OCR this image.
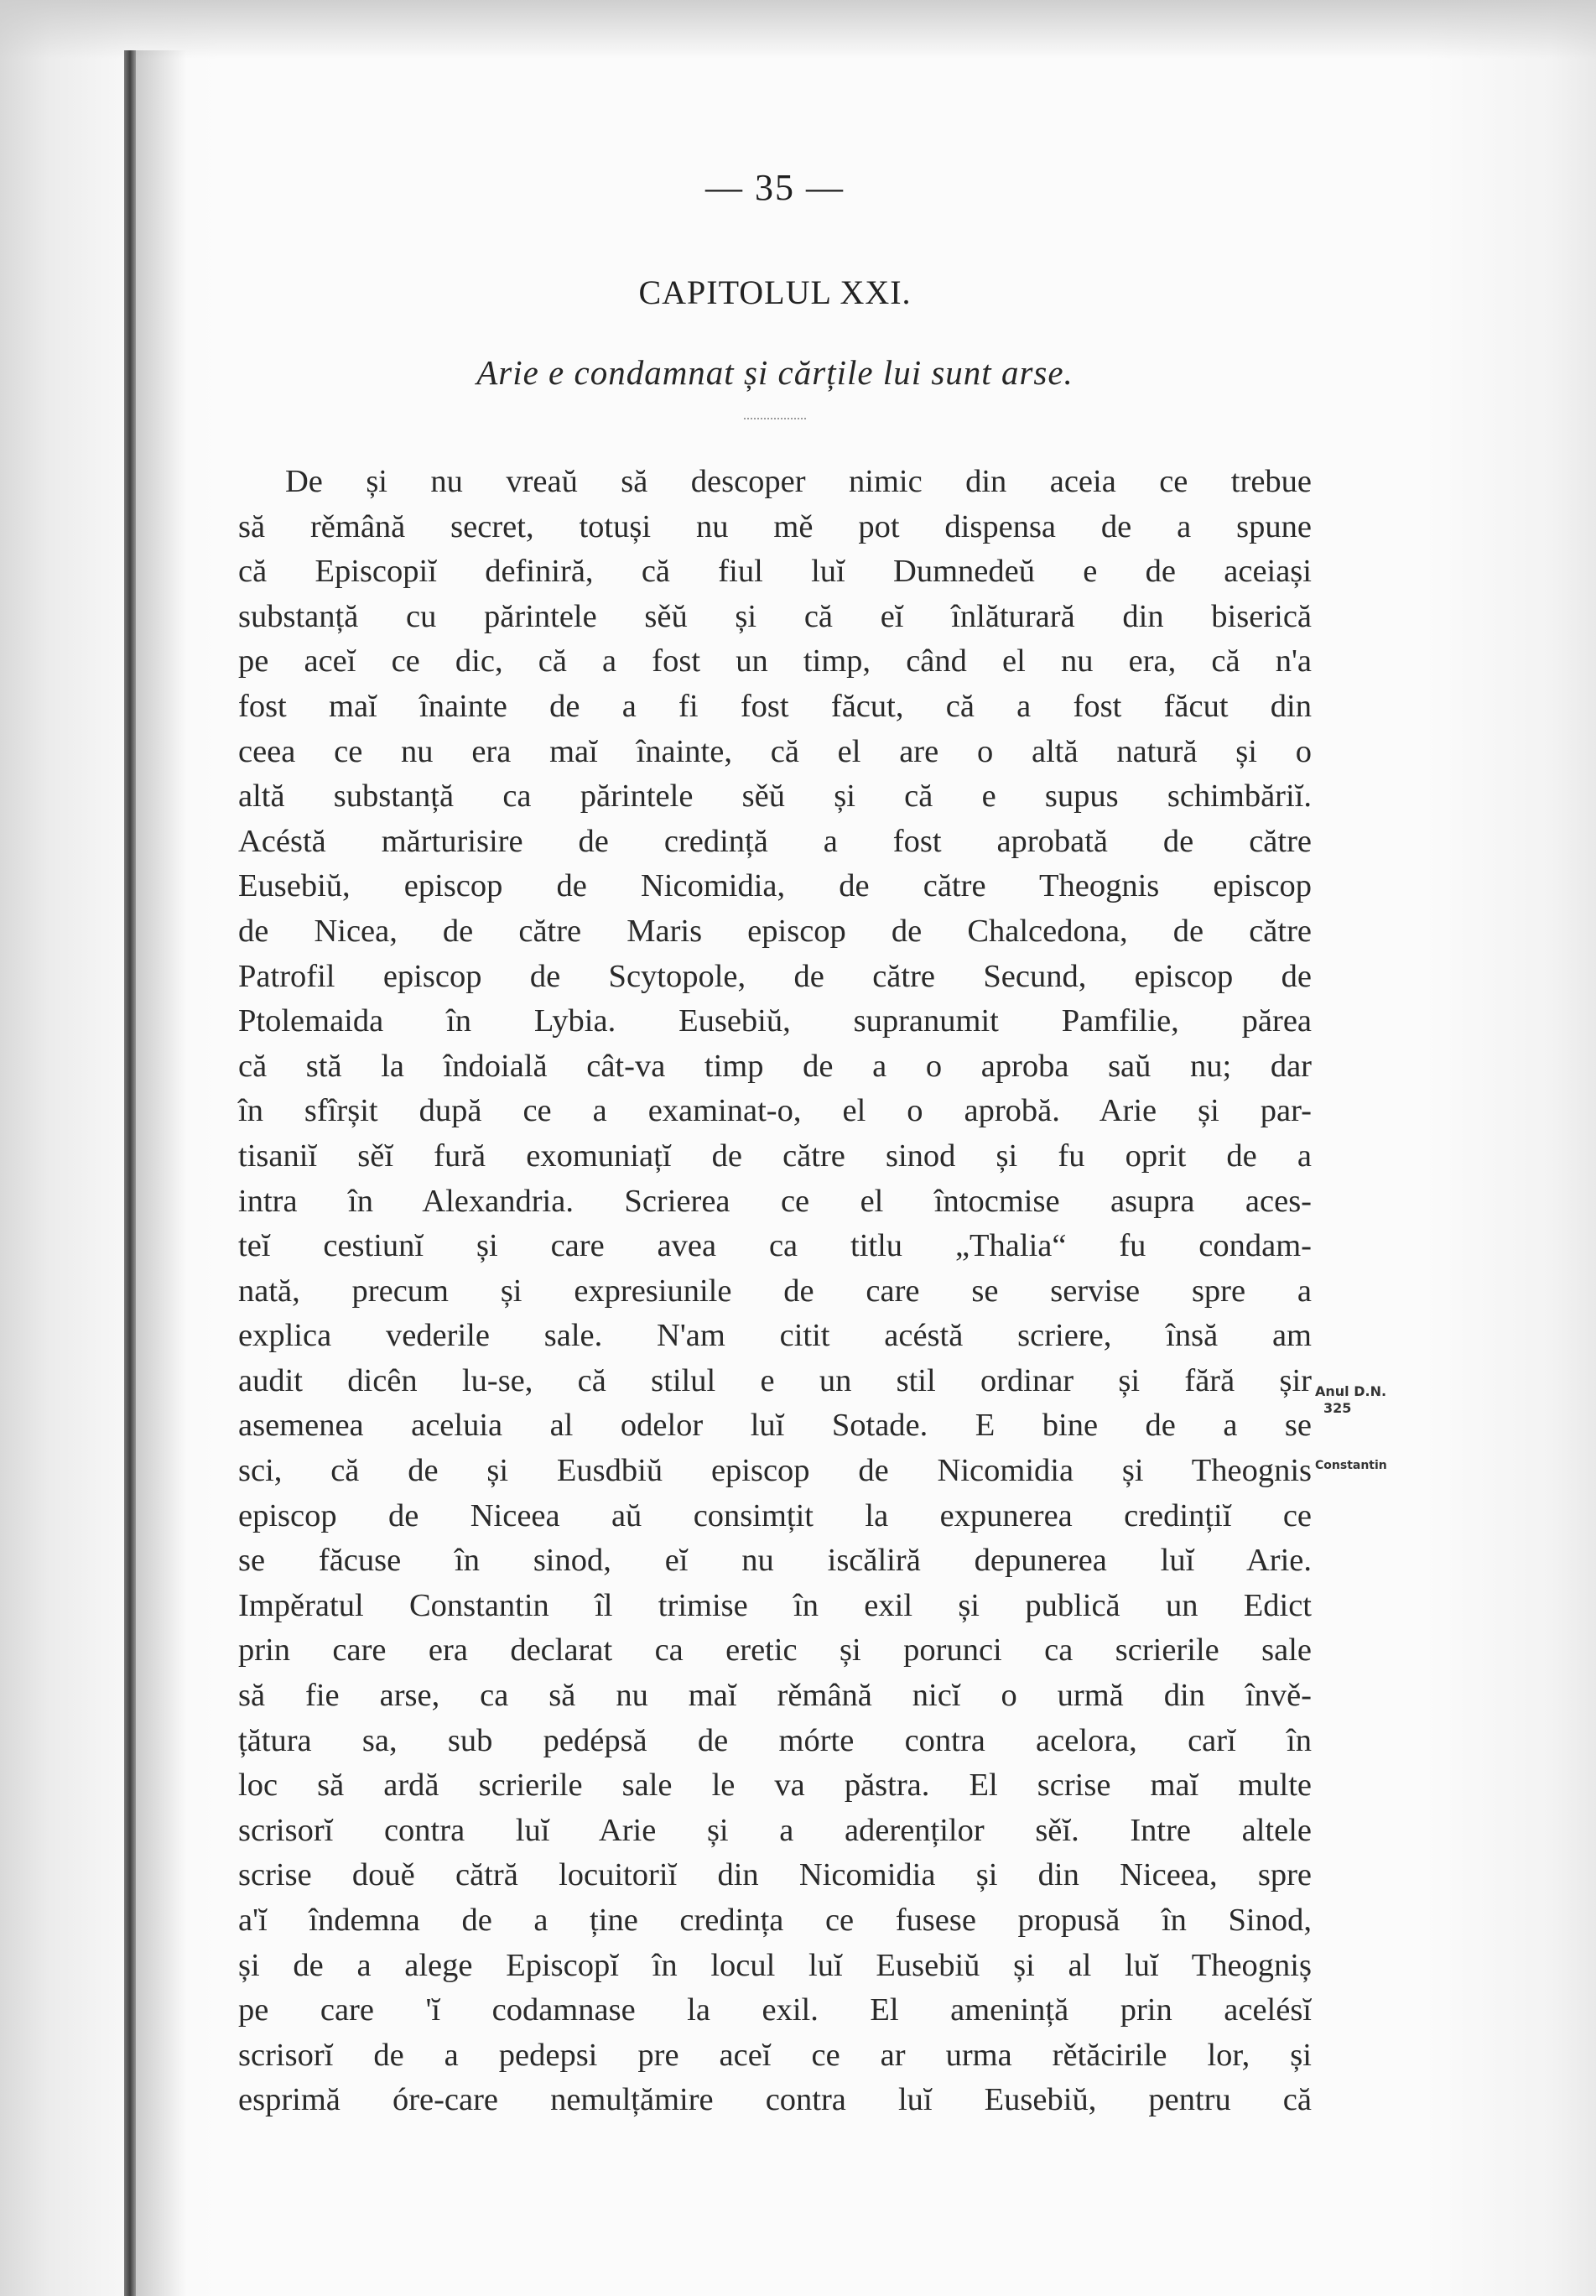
— 35 —
CAPITOLUL XXI.
Arie e condamnat și cărțile lui sunt arse.
De și nu vreaŭ să descoper nimic din aceia ce trebue
să rěmână secret, totuși nu mě pot dispensa de a spune
că Episcopiĭ definiră, că fiul luĭ Dumnedeŭ e de aceiași
substanță cu părintele sěŭ și că eĭ înlăturară din biserică
pe aceĭ ce dic, că a fost un timp, când el nu era, că n'a
fost maĭ înainte de a fi fost făcut, că a fost făcut din
ceea ce nu era maĭ înainte, că el are o altă natură și o
altă substanță ca părintele sěŭ și că e supus schimbăriĭ.
Acéstă mărturisire de credință a fost aprobată de către
Eusebiŭ, episcop de Nicomidia, de către Theognis episcop
de Nicea, de către Maris episcop de Chalcedona, de către
Patrofil episcop de Scytopole, de către Secund, episcop de
Ptolemaida în Lybia. Eusebiŭ, supranumit Pamfilie, părea
că stă la îndoială cât-va timp de a o aproba saŭ nu; dar
în sfîrșit după ce a examinat-o, el o aprobă. Arie și par-
tisaniĭ sěĭ fură exomuniațĭ de către sinod și fu oprit de a
intra în Alexandria. Scrierea ce el întocmise asupra aces-
teĭ cestiunĭ și care avea ca titlu „Thalia“ fu condam-
nată, precum și expresiunile de care se servise spre a
explica vederile sale. N'am citit acéstă scriere, însă am
audit dicên lu-se, că stilul e un stil ordinar și fără șir
asemenea aceluia al odelor luĭ Sotade. E bine de a se
sci, că de și Eusdbiŭ episcop de Nicomidia și Theognis
episcop de Niceea aŭ consimțit la expunerea credințiĭ ce
se făcuse în sinod, eĭ nu iscăliră depunerea luĭ Arie.
Impěratul Constantin îl trimise în exil și publică un Edict
prin care era declarat ca eretic și porunci ca scrierile sale
să fie arse, ca să nu maĭ rěmână nicĭ o urmă din învě-
țătura sa, sub pedépsă de mórte contra acelora, carĭ în
loc să ardă scrierile sale le va păstra. El scrise maĭ multe
scrisorĭ contra luĭ Arie și a aderenților sěĭ. Intre altele
scrise douě cătră locuitoriĭ din Nicomidia și din Niceea, spre
a'ĭ îndemna de a ține credința ce fusese propusă în Sinod,
și de a alege Episcopĭ în locul luĭ Eusebiŭ și al luĭ Theogniș
pe care 'ĭ codamnase la exil. El amenință prin acelésĭ
scrisorĭ de a pedepsi pre aceĭ ce ar urma rětăcirile lor, și
esprimă óre-care nemulțămire contra luĭ Eusebiŭ, pentru că
Anul D.N.
325
Constantin
